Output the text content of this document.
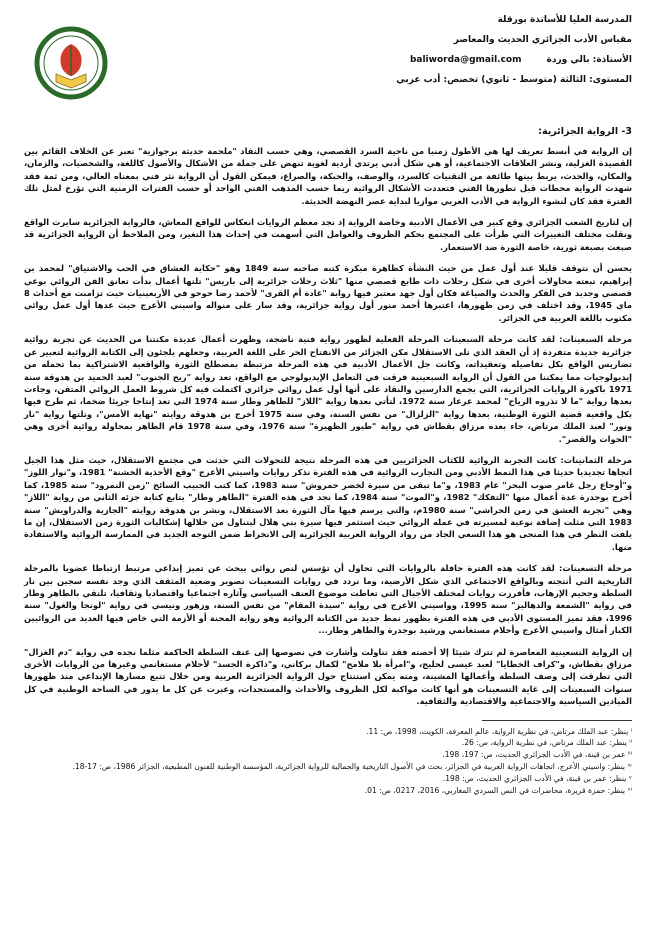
المدرسة العليا للأساتذة بورقلة

مقياس الأدب الجزائري الحديث والمعاصر

الأستاذة: بالي وردة        baliworda@gmail.com

المستوى: الثالثة (متوسط - ثانوي) تخصص: أدب عربي

3- الرواية الجزائرية:

إن الرواية في أبسط تعريف لها هي الأطول زمنيا من ناحية السرد القصصي، وهي حسب النقاد "ملحمة حديثة برجوازية" تعبر عن الخلاف القائم بين القصيدة الغزلية، ونشر العلاقات الاجتماعية، أو هي شكل أدبي يرتدي أردية لغوية تنهض على جملة من الأشكال والأصول كاللغة، والشخصيات، والزمان، والمكان، والحدث، يربط بينها طائفة من التقنيات كالسرد، والوصف، والحبكة، والصراع، فيمكن القول أن الرواية نثر فني بمعناه العالي، ومن ثمة فقد شهدت الرواية محطات قبل تطورها الفني فتعددت الأشكال الروائية ربما حسب المذهب الفني الواحد أو حسب الفترات الزمنية التي تؤرخ لمثل تلك الفترة فقد كان لنشوء الرواية في الأدب العربي موازيا لبداية عصر النهضة الحديثة.

إن لتاريخ الشعب الجزائري وقع كبير في الأعمال الأدبية وخاصة الرواية إذ نجد معظم الروايات انعكاس للواقع المعاش، فالرواية الجزائرية سايرت الواقع ونقلت مختلف التغييرات التي طرأت على المجتمع بحكم الظروف والعوامل التي أسهمت في إحداث هذا التغير، ومن الملاحظ أن الرواية الجزائرية قد صبغت بصبغة ثورية، خاصة الثورة ضد الاستعمار.

يحسن أن نتوقف قليلا عند أول عمل من حيث النشأة كظاهرة مبكرة كتبه صاحبه سنة 1849 وهو "حكاية العشاق في الحب والاشتياق" لمحمد بن إبراهيم، تبعته محاولات أخرى في شكل رحلات ذات طابع قصصي منها "ثلاث رحلات جزائرية إلى باريس" تلتها أعمال بدأت تعانق الفن الروائي بوعي قصصي وجديد في الفكر والحدث والصياغة فكان أول جهد معتبر فيها رواية "غادة أم القرى" لأحمد رضا حوحو في الأربعينيات حيث تزامنت مع أحداث 8 ماي 1945، وقد اختلف في زمن ظهورها، اعتبرها أحمد منور أول رواية جزائرية، وقد سار على منواله واسيني الأعرج حيث عدها أول عمل روائي مكتوب باللغة العربية في الجزائر.

مرحلة السبعينات: لقد كانت مرحلة السبعينات المرحلة الفعلية لظهور رواية فنية ناضجة، وظهرت أعمال عديدة مكنتنا من الحديث عن تجربة روائية جزائرية جديدة متفردة إذ أن العقد الذي تلى الاستقلال مكن الجزائر من الانفتاح الحر على اللغة العربية، وجعلهم يلجئون إلى الكتابة الروائية لتعبير عن تضاريس الواقع بكل تفاصيله وتعقيداته، وكانت جل الأعمال الأدبية في هذه المرحلة مرتبطة بمصطلح الثورة والواقعية الاشتراكية بما تحمله من إيديولوجيات مما يمكننا من القول أن الرواية السبعينية فرقت في التعامل الإيديولوجي مع الواقع، تعد رواية "ريح الجنوب" لعبد الحميد بن هدوقة سنة 1971 باكورة الروايات الجزائرية، التي يجمع الدارسين والنقاد على أنها أول عمل روائي جزائري اكتملت فيه كل شروط العمل الروائي المتقن، وجاءت بعدها رواية "ما لا تذروه الرياح" لمحمد عرعار سنة 1972، لتأتي بعدها رواية "اللاز" للطاهر وطار سنة 1974 التي تعد إنتاجا جريئا ضخما، ثم طرح فيها بكل واقعية قضية الثورة الوطنية، بعدها رواية "الزلزال" من نفس السنة، وفي سنة 1975 أخرج بن هدوقة روايته "نهاية الأمس"، وتلتها رواية "نار ونور" لعبد الملك مرتاض، جاء بعده مرزاق بقطاش في رواية "طيور الظهيرة" سنة 1976، وفي سنة 1978 قام الطاهر بمحاولة روائية أخرى وهي "الحوات والقصر".

مرحلة الثمانينات: كانت التجربة الروائية للكتاب الجزائريين في هذه المرحلة نتيجة للتحولات التي حدثت في مجتمع الاستقلال، حيث مثل هذا الجيل اتجاها تجديديا حديثا في هذا النمط الأدبي ومن التجارب الروائية في هذه الفترة نذكر روايات واسيني الأعرج "وقع الأحذية الخشنة" 1981، و"نوار اللوز" و"أوجاع رجل غامر صوب البحر" عام 1983، و"ما تبقى من سيرة لخضر حمروش" سنة 1983، كما كتب الحبيب السائح "زمن النمرود" سنة 1985، كما أخرج بوجدرة عدة أعمال منها "التفكك" 1982، و"الموت" سنة 1984، كما نجد في هذه الفترة "الطاهر وطار" يتابع كتابة جزئه الثاني من رواية "اللاز" وهي "تجربة العشق في زمن الحراشي" سنة 1980م، والتي يرسم فيها مآل الثورة بعد الاستقلال، ونشر بن هدوقة روايته "الجازية والدراويش" سنة 1983 التي مثلت إضافة نوعية لمسيرته في عمله الروائي حيث استثمر فيها سيرة بني هلال ليتناول من خلالها إشكاليات الثورة زمن الاستقلال، إن ما يلفت النظر في هذا المنحى هو هذا السعي الجاد من رواد الرواية العربية الجزائرية إلى الانخراط ضمن التوجه الجديد في الممارسة الروائية والاستفادة منها.

مرحلة التسعينات: لقد كانت هذه الفترة حافلة بالروايات التي تحاول أن تؤسس لنص روائي يبحث عن تميز إبداعي مرتبط ارتباطا عضويا بالمرحلة التاريخية التي أنتجته وبالواقع الاجتماعي الذي شكل الأرضية، وما تردد في روايات التسعينات تصوير وضعية المثقف الذي وجد نفسه سجين بين نار السلطة وجحيم الإرهاب، فأفرزت روايات لمختلف الأجيال التي تعاطت موضوع العنف السياسي وآثاره اجتماعيا واقتصاديا وثقافيا، تلتقي بالطاهر وطار في رواية "الشمعة والدهاليز" سنة 1995، وواسيني الأعرج في رواية "سيدة المقام" من نفس السنة، وزهور ونيسي في رواية "لونجا والغول" سنة 1996، فقد تميز المستوى الأدبي في هذه الفترة بظهور نمط جديد من الكتابة الروائية وهو رواية المحنة أو الأزمة التي خاض فيها العديد من الروائيين الكبار أمثال واسيني الأعرج وأحلام مستغانمي ورشيد بوجدرة والطاهر وطار...

إن الرواية التسعينية المعاصرة لم تترك شيئا إلا أحصته فقد تناولت وأشارت في نصوصها إلى عنف السلطة الحاكمة مثلما نجده في رواية "دم الغزال" مرزاق بقطاش، و"كراف الخطايا" لعبد عيسى لحليح، و"امرأة بلا ملامح" لكمال بركاني، و"ذاكرة الجسد" لأحلام مستغانمي وغيرها من الروايات الأخرى التي تطرقت إلى وصف السلطة وأعمالها المشينة، ومنه يمكن استنتاج حول الرواية الجزائرية العربية ومن خلال تتبع مسارها الإبداعي منذ ظهورها سنوات السبعينات إلى غاية التسعينات هو أنها كانت مواكبة لكل الظروف والأحداث والمستجدات، وعبرت عن كل ما يدور في الساحة الوطنية في كل الميادين السياسية والاجتماعية والاقتصادية والثقافية.

ⁱ ينظر: عبد الملك مرتاض، في نظرية الرواية، عالم المعرفة، الكويت، 1998، ص: 11.
ⁱⁱ ينظر: عبد الملك مرتاض، في نظرية الرواية، ص: 26.
ⁱⁱⁱ عمر بن قينة، في الأدب الجزائري الحديث، ص: 197، 198.
ⁱᵛ ينظر: واسيني الأعرج، اتجاهات الرواية العربية في الجزائر، بحث في الأصول التاريخية والجمالية للرواية الجزائرية، المؤسسة الوطنية للفنون المطبعية، الجزائر 1986، ص: 17-18.
ᵛ ينظر: عمر بن قينة، في الأدب الجزائري الحديث، ص: 198.
ᵛⁱ ينظر: حمزة قريرة، محاضرات في النص السردي المغاربي، 2016، 0217، ص: 01.
